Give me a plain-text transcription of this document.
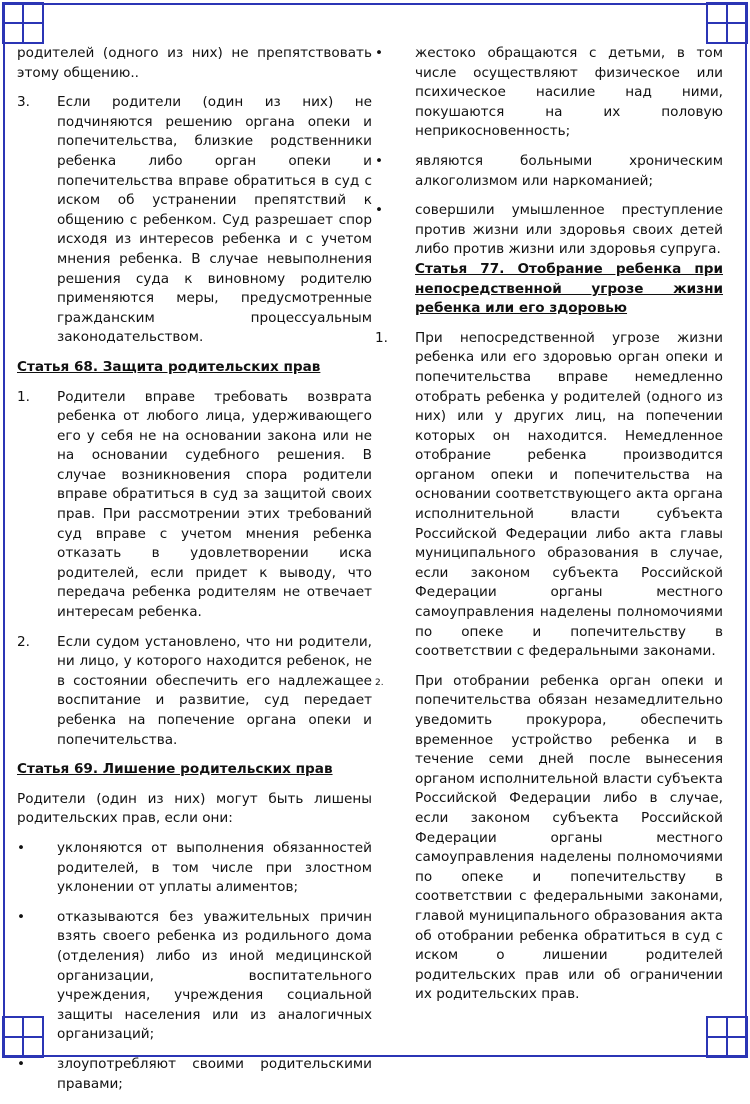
родителей (одного из них) не препятствовать этому общению..

3.	Если родители (один из них) не подчиняются решению органа опеки и попечительства, близкие родственники ребенка либо орган опеки и попечительства вправе обратиться в суд с иском об устранении препятствий к общению с ребенком. Суд разрешает спор исходя из интересов ребенка и с учетом мнения ребенка. В случае невыполнения решения суда к виновному родителю применяются меры, предусмотренные гражданским процессуальным законодательством.

Статья 68. Защита родительских прав

1.	Родители вправе требовать возврата ребенка от любого лица, удерживающего его у себя не на основании закона или не на основании судебного решения. В случае возникновения спора родители вправе обратиться в суд за защитой своих прав. При рассмотрении этих требований суд вправе с учетом мнения ребенка отказать в удовлетворении иска родителей, если придет к выводу, что передача ребенка родителям не отвечает интересам ребенка.
2.	Если судом установлено, что ни родители, ни лицо, у которого находится ребенок, не в состоянии обеспечить его надлежащее воспитание и развитие, суд передает ребенка на попечение органа опеки и попечительства.

Статья 69. Лишение родительских прав

Родители (один из них) могут быть лишены родительских прав, если они:

•	уклоняются от выполнения обязанностей родителей, в том числе при злостном уклонении от уплаты алиментов;
•	отказываются без уважительных причин взять своего ребенка из родильного дома (отделения) либо из иной медицинской организации, воспитательного учреждения, учреждения социальной защиты населения или из аналогичных организаций;
•	злоупотребляют своими родительскими правами;
•	жестоко обращаются с детьми, в том числе осуществляют физическое или психическое насилие над ними, покушаются на их половую неприкосновенность;
•	являются больными хроническим алкоголизмом или наркоманией;
•	совершили умышленное преступление против жизни или здоровья своих детей либо против жизни или здоровья супруга.
Статья 77. Отобрание ребенка при непосредственной угрозе жизни ребенка или его здоровью
1.	При непосредственной угрозе жизни ребенка или его здоровью орган опеки и попечительства вправе немедленно отобрать ребенка у родителей (одного из них) или у других лиц, на попечении которых он находится. Немедленное отобрание ребенка производится органом опеки и попечительства на основании соответствующего акта органа исполнительной власти субъекта Российской Федерации либо акта главы муниципального образования в случае, если законом субъекта Российской Федерации органы местного самоуправления наделены полномочиями по опеке и попечительству в соответствии с федеральными законами.
2.	При отобрании ребенка орган опеки и попечительства обязан незамедлительно уведомить прокурора, обеспечить временное устройство ребенка и в течение семи дней после вынесения органом исполнительной власти субъекта Российской Федерации либо в случае, если законом субъекта Российской Федерации органы местного самоуправления наделены полномочиями по опеке и попечительству в соответствии с федеральными законами, главой муниципального образования акта об отобрании ребенка обратиться в суд с иском о лишении родителей родительских прав или об ограничении их родительских прав.
